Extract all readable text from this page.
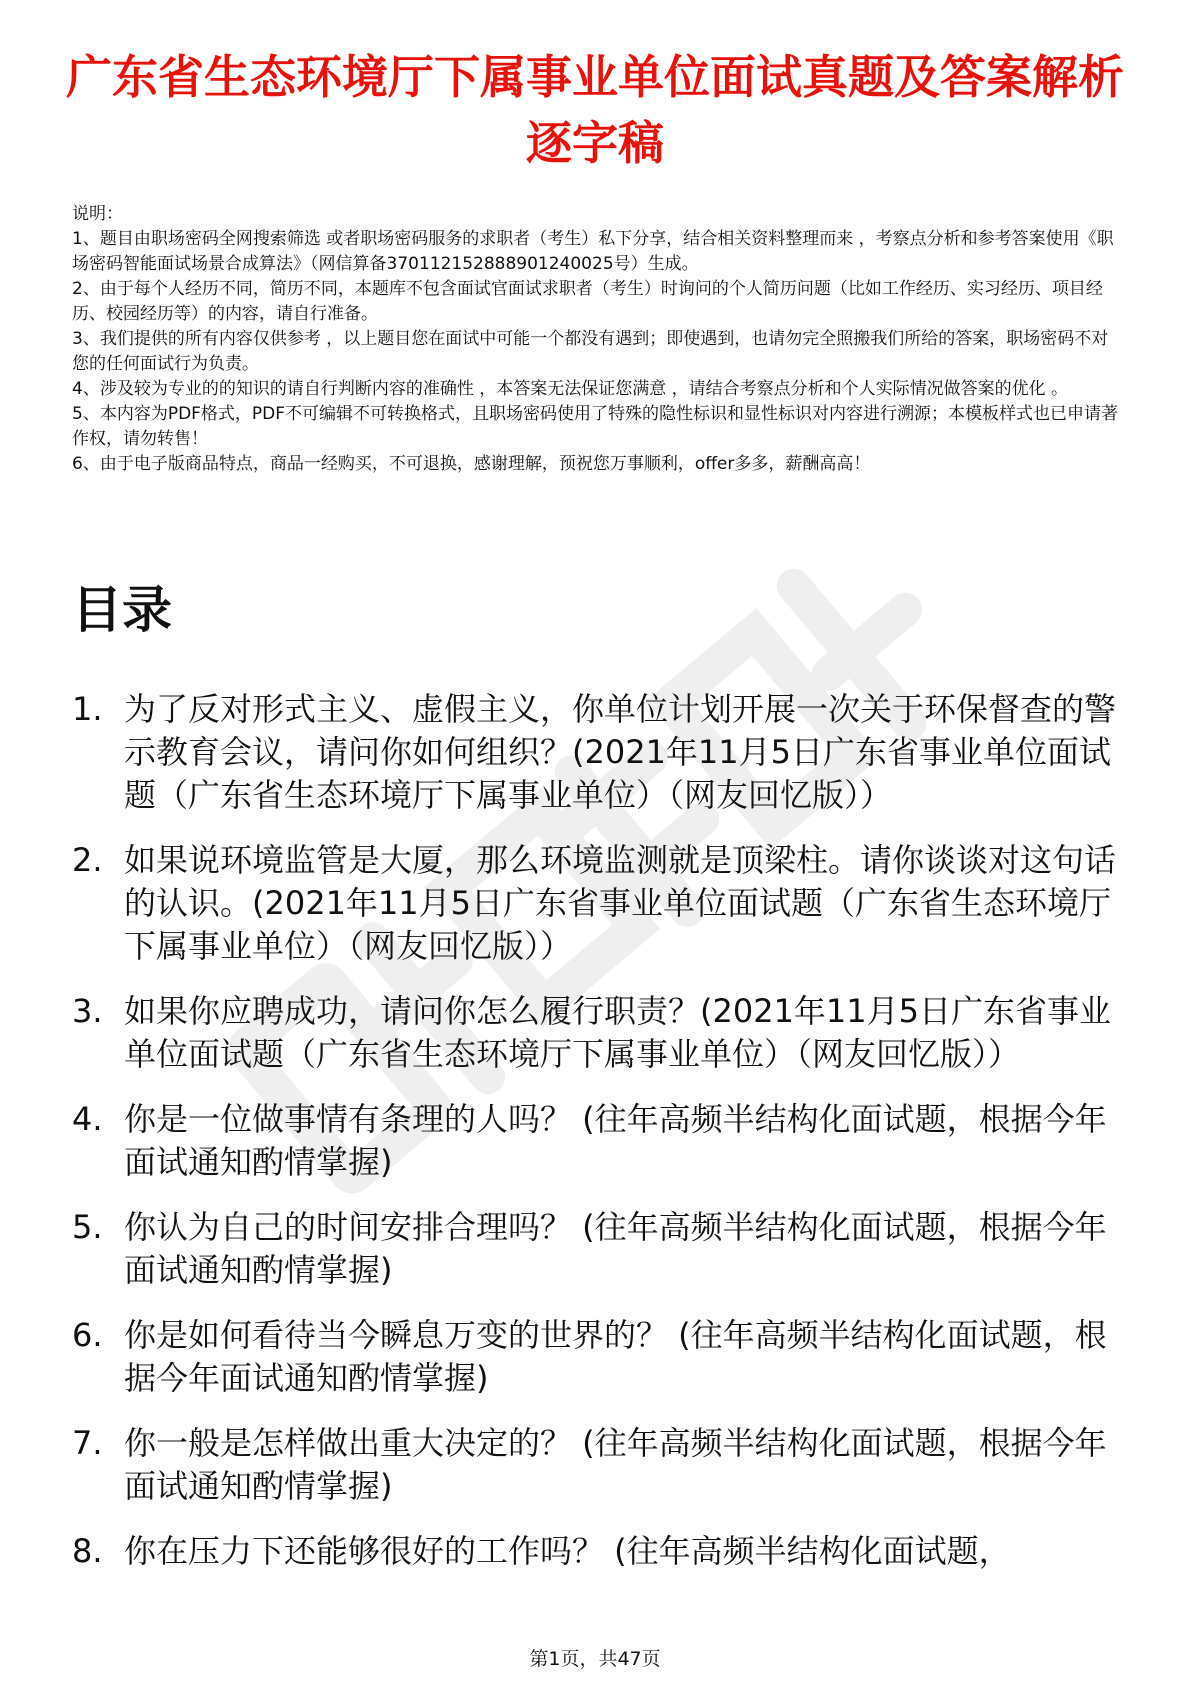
广东省生态环境厅下属事业单位面试真题及答案解析逐字稿

说明：

1、题目由职场密码全网搜索筛选 或者职场密码服务的求职者（考生）私下分享，结合相关资料整理而来 ，考察点分析和参考答案使用《职场密码智能面试场景合成算法》（网信算备370112152888901240025号）生成。

2、由于每个人经历不同，简历不同，本题库不包含面试官面试求职者（考生）时询问的个人简历问题（比如工作经历、实习经历、项目经历、校园经历等）的内容，请自行准备。

3、我们提供的所有内容仅供参考 ，以上题目您在面试中可能一个都没有遇到；即使遇到，也请勿完全照搬我们所给的答案，职场密码不对您的任何面试行为负责。

4、涉及较为专业的的知识的请自行判断内容的准确性 ，本答案无法保证您满意 ，请结合考察点分析和个人实际情况做答案的优化 。

5、本内容为PDF格式，PDF不可编辑不可转换格式，且职场密码使用了特殊的隐性标识和显性标识对内容进行溯源；本模板样式也已申请著作权，请勿转售！

6、由于电子版商品特点，商品一经购买，不可退换，感谢理解，预祝您万事顺利，offer多多，薪酬高高！

目录
1. 为了反对形式主义、虚假主义，你单位计划开展一次关于环保督查的警示教育会议，请问你如何组织？(2021年11月5日广东省事业单位面试题（广东省生态环境厅下属事业单位）（网友回忆版））
2. 如果说环境监管是大厦，那么环境监测就是顶梁柱。请你谈谈对这句话的认识。(2021年11月5日广东省事业单位面试题（广东省生态环境厅下属事业单位）（网友回忆版））
3. 如果你应聘成功，请问你怎么履行职责？(2021年11月5日广东省事业单位面试题（广东省生态环境厅下属事业单位）（网友回忆版））
4. 你是一位做事情有条理的人吗？ (往年高频半结构化面试题，根据今年面试通知酌情掌握)
5. 你认为自己的时间安排合理吗？ (往年高频半结构化面试题，根据今年面试通知酌情掌握)
6. 你是如何看待当今瞬息万变的世界的？ (往年高频半结构化面试题，根据今年面试通知酌情掌握)
7. 你一般是怎样做出重大决定的？ (往年高频半结构化面试题，根据今年面试通知酌情掌握)
8. 你在压力下还能够很好的工作吗？ (往年高频半结构化面试题，
第1页，共47页
